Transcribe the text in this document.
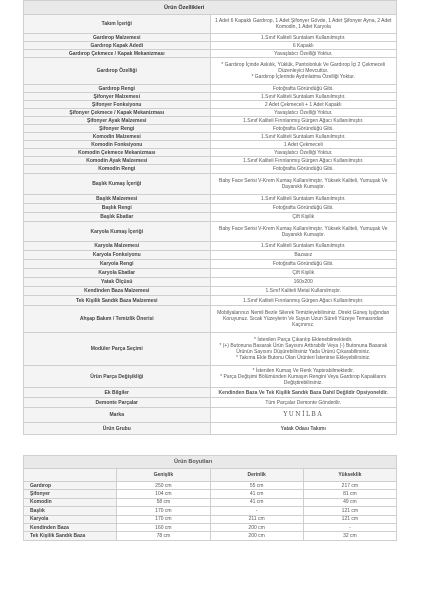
Ürün Özellikleri	
Takım İçeriği	1 Adet 6 Kapaklı Gardırop, 1 Adet Şifonyer Gövde, 1 Adet Şifonyer Ayna, 2 Adet Komodin, 1 Adet Karyola
Gardırop Malzemesi	1.Sınıf Kaliteli Suntalam Kullanılmıştır.
Gardırop Kapak Adedi	6 Kapaklı
Gardırop Çekmece / Kapak Mekanizması	Yavaşlatıcı Özelliği Yoktur.
Gardırop Özelliği	* Gardırop İçinde Askılık, Yüklük, Pantolonluk Ve Gardırop İçi 2 Çekmeceli Düzenleyici Mevcuttur.
* Gardırop İçlerinde Aydınlatma Özelliği Yoktur.
Gardırop Rengi	Fotoğrafta Göründüğü Gibi.
Şifonyer Malzemesi	1.Sınıf Kaliteli Suntalam Kullanılmıştır.
Şifonyer Fonksiyonu	2 Adet Çekmeceli + 1 Adet Kapaklı
Şifonyer Çekmece / Kapak Mekanizması	Yavaşlatıcı Özelliği Yoktur.
Şifonyer Ayak Malzemesi	1.Sınıf Kaliteli Fırınlanmış Gürgen Ağacı Kullanılmıştır.
Şifonyer Rengi	Fotoğrafta Göründüğü Gibi.
Komodin Malzemesi	1.Sınıf Kaliteli Suntalam Kullanılmıştır.
Komodin Fonksiyonu	1 Adet Çekmeceli
Komodin Çekmece Mekanizması	Yavaşlatıcı Özelliği Yoktur.
Komodin Ayak Malzemesi	1.Sınıf Kaliteli Fırınlanmış Gürgen Ağacı Kullanılmıştır.
Komodin Rengi	Fotoğrafta Göründüğü Gibi.
Başlık Kumaş İçeriği	Baby Face Serisi V-Krem Kumaş Kullanılmıştır. Yüksek Kaliteli, Yumuşak Ve Dayanıklı Kumaştır.
Başlık Malzemesi	1.Sınıf Kaliteli Suntalam Kullanılmıştır.
Başlık Rengi	Fotoğrafta Göründüğü Gibi.
Başlık Ebatlar	Çift Kişilik
Karyola Kumaş İçeriği	Baby Face Serisi V-Krem Kumaş Kullanılmıştır. Yüksek Kaliteli, Yumuşak Ve Dayanıklı Kumaştır.
Karyola Malzemesi	1.Sınıf Kaliteli Suntalam Kullanılmıştır.
Karyola Fonksiyonu	Bazasız
Karyola Rengi	Fotoğrafta Göründüğü Gibi.
Karyola Ebatlar	Çift Kişilik
Yatak Ölçüsü	160x200
Kendinden Baza Malzemesi	1.Sınıf Kaliteli Metal Kullanılmıştır.
Tek Kişilik Sandık Baza Malzemesi	1.Sınıf Kaliteli Fırınlanmış Gürgen Ağacı Kullanılmıştır.
Ahşap Bakım / Temizlik Önerisi	Mobilyalarınızı Nemli Bezle Silerek Temizleyebilirsiniz. Direkt Güneş Işığından Koruyunuz. Sıcak Yüzeylerin Ve Suyun Uzun Süreli Yüzeye Temasından Kaçınınız.
Modüler Parça Seçimi	* İstenilen Parça Çıkarılıp Eklenebilmektedir.
* (+) Butonuna Basarak Ürün Sayısını Arttırabilir Veya (-) Butonuna Basarak Ürünün Sayısını Düşürebilirsiniz Yada Ürünü Çıkarabilirsiniz.
* Takıma Ekle Butonu Olan Ürünleri İstenirse Ekleyebilirsiniz.
Ürün Parça Değişikliği	* İstenilen Kumaş Ve Renk Yaptırabilmektedir.
* Parça Değişimi Bölümünden Kumaşın Rengini Veya Gardırop Kapaklarını Değiştirebilirsiniz.
Ek Bilgiler	Kendinden Baza Ve Tek Kişilik Sandık Baza Dahil Değildir Opsiyoneldir.
Demonte Parçalar	Tüm Parçalar Demonte Gönderilir.
Marka	YUNİLBA
Ürün Grubu	Yatak Odası Takımı
Ürün Boyutları			
	Genişlik	Derinlik	Yükseklik
Gardırop	250 cm	55 cm	217 cm
Şifonyer	104 cm	41 cm	81 cm
Komodin	58 cm	41 cm	49 cm
Başlık	170 cm	-	121 cm
Karyola	170 cm	211 cm	121 cm
Kendinden Baza	160 cm	200 cm	-
Tek Kişilik Sandık Baza	78 cm	200 cm	32 cm
